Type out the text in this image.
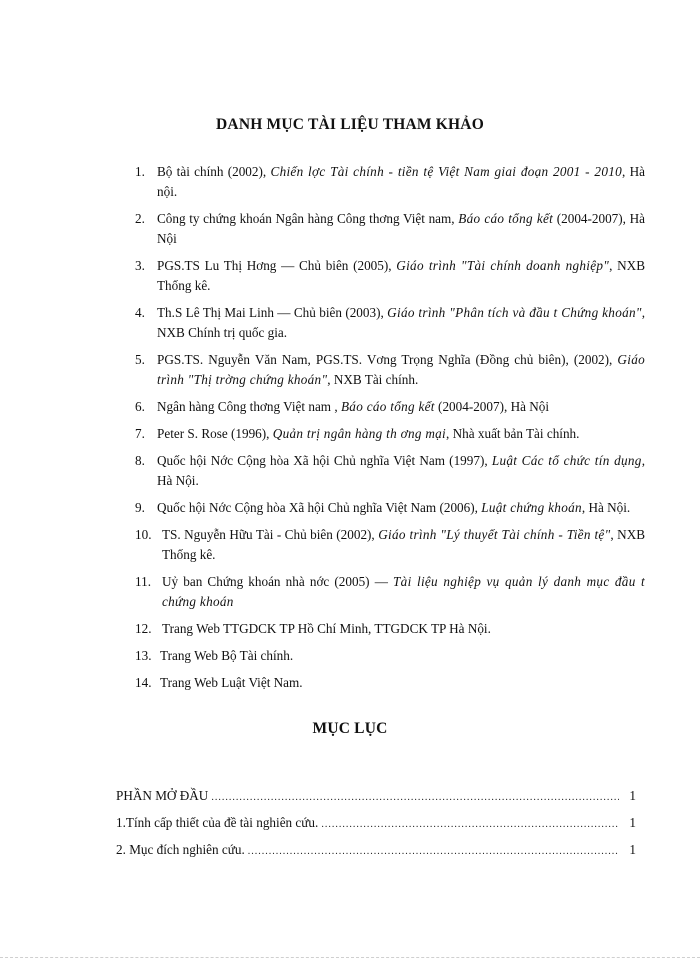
DANH MỤC TÀI LIỆU THAM KHẢO
1. Bộ tài chính (2002), Chiến lợc Tài chính - tiền tệ Việt Nam giai đoạn 2001 - 2010, Hà nội.
2. Công ty chứng khoán Ngân hàng Công thơng Việt nam, Báo cáo tổng kết (2004-2007), Hà Nội
3. PGS.TS Lu Thị Hơng — Chủ biên (2005), Giáo trình "Tài chính doanh nghiệp", NXB Thống kê.
4. Th.S Lê Thị Mai Linh — Chủ biên (2003), Giáo trình "Phân tích và đầu t Chứng khoán", NXB Chính trị quốc gia.
5. PGS.TS. Nguyễn Văn Nam, PGS.TS. Vơng Trọng Nghĩa (Đồng chủ biên), (2002), Giáo trình "Thị trờng chứng khoán", NXB Tài chính.
6. Ngân hàng Công thơng Việt nam , Báo cáo tổng kết (2004-2007), Hà Nội
7. Peter S. Rose (1996), Quản trị ngân hàng th ơng mại, Nhà xuất bản Tài chính.
8. Quốc hội Nớc Cộng hòa Xã hội Chủ nghĩa Việt Nam (1997), Luật Các tổ chức tín dụng, Hà Nội.
9. Quốc hội Nớc Cộng hòa Xã hội Chủ nghĩa Việt Nam (2006), Luật chứng khoán, Hà Nội.
10. TS. Nguyễn Hữu Tài - Chủ biên (2002), Giáo trình "Lý thuyết Tài chính - Tiền tệ", NXB Thống kê.
11. Uỷ ban Chứng khoán nhà nớc (2005) — Tài liệu nghiệp vụ quản lý danh mục đầu t chứng khoán
12. Trang Web TTGDCK TP Hồ Chí Minh, TTGDCK TP Hà Nội.
13. Trang Web Bộ Tài chính.
14. Trang Web Luật Việt Nam.
MỤC LỤC
PHẦN MỞ ĐẦU .....	1
1.Tính cấp thiết của đề tài nghiên cứu. .....	1
2. Mục đích nghiên cứu. .....	1
